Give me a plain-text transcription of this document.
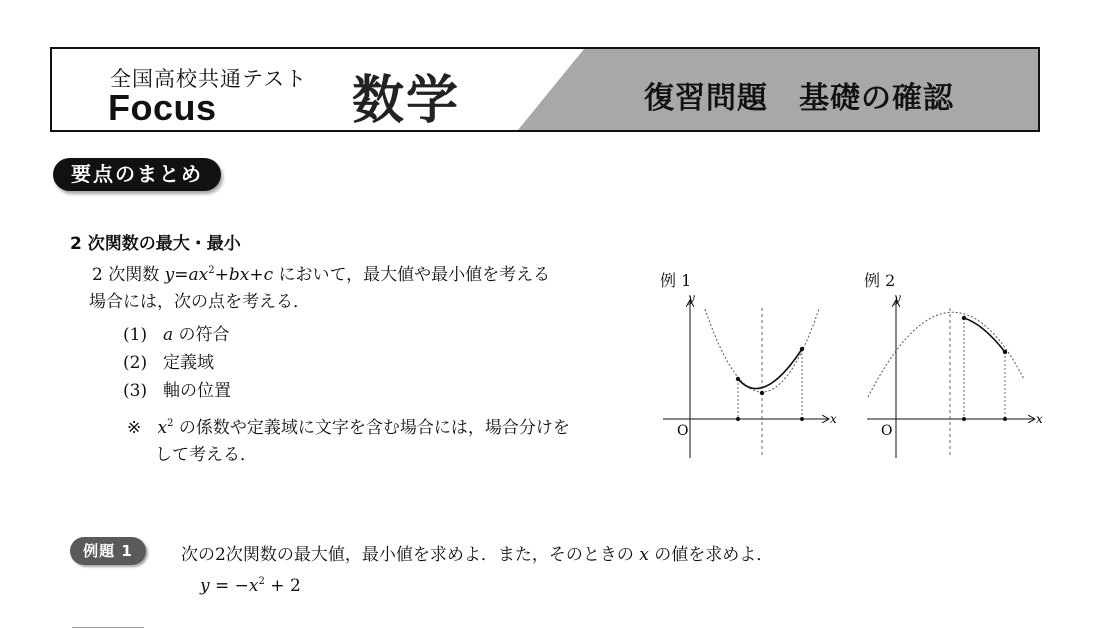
全国高校共通テスト
Focus	数学	復習問題　基礎の確認
要点のまとめ
2 次関数の最大・最小
2 次関数 $y=ax^2+bx+c$ において，最大値や最小値を考える
場合には，次の点を考える．
(1) a の符合
(2) 定義域
(3) 軸の位置
※ $x^2$ の係数や定義域に文字を含む場合には，場合分けを
して考える．
例 1
y
x
O
例 2
y
x
O
例題 1	次の2次関数の最大値，最小値を求めよ．また，そのときの x の値を求めよ．
$y = -x^2 + 2$
